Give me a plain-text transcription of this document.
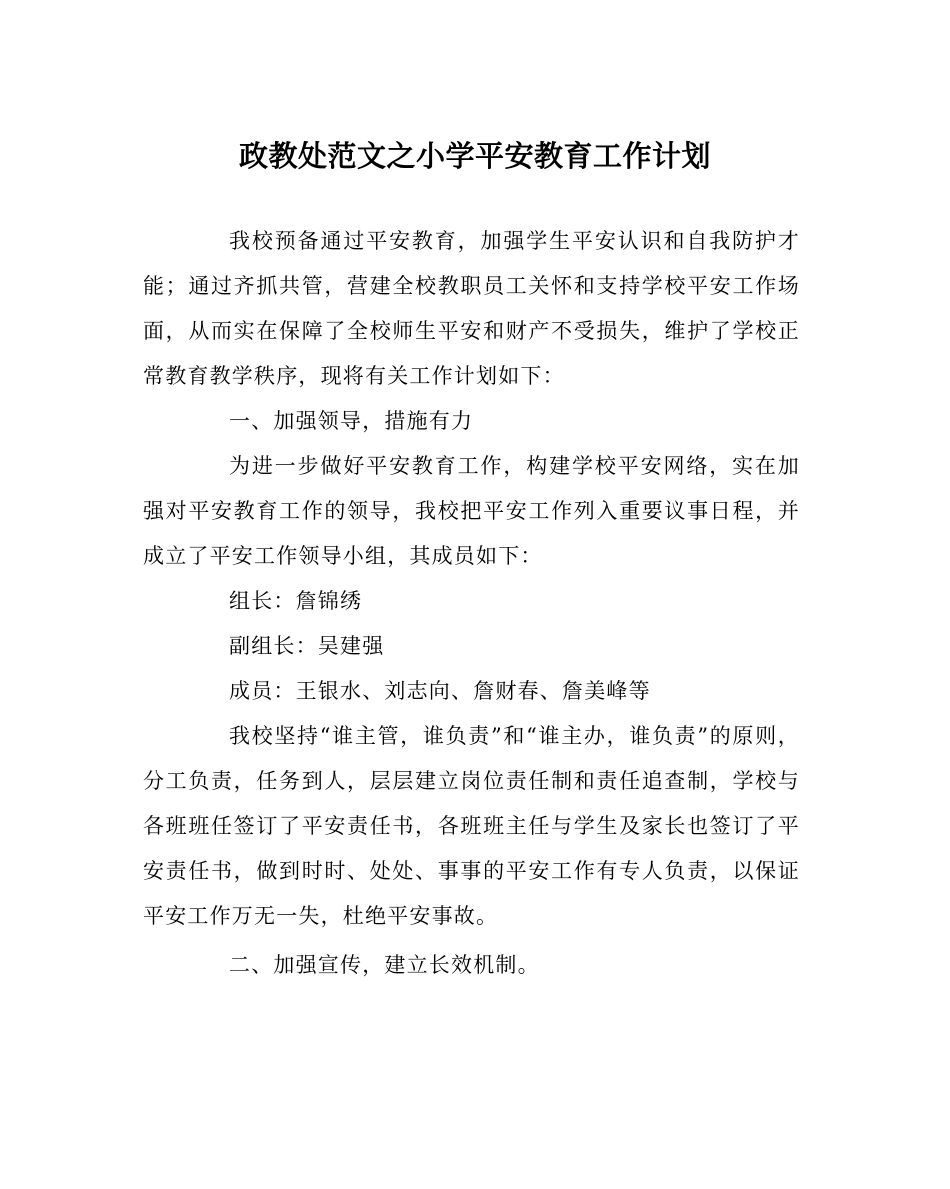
政教处范文之小学平安教育工作计划

我校预备通过平安教育，加强学生平安认识和自我防护才能；通过齐抓共管，营建全校教职员工关怀和支持学校平安工作场面，从而实在保障了全校师生平安和财产不受损失，维护了学校正常教育教学秩序，现将有关工作计划如下：

一、加强领导，措施有力

为进一步做好平安教育工作，构建学校平安网络，实在加强对平安教育工作的领导，我校把平安工作列入重要议事日程，并成立了平安工作领导小组，其成员如下：

组长：詹锦绣

副组长：吴建强

成员：王银水、刘志向、詹财春、詹美峰等

我校坚持“谁主管，谁负责”和“谁主办，谁负责”的原则，分工负责，任务到人，层层建立岗位责任制和责任追查制，学校与各班班任签订了平安责任书，各班班主任与学生及家长也签订了平安责任书，做到时时、处处、事事的平安工作有专人负责，以保证平安工作万无一失，杜绝平安事故。

二、加强宣传，建立长效机制。
